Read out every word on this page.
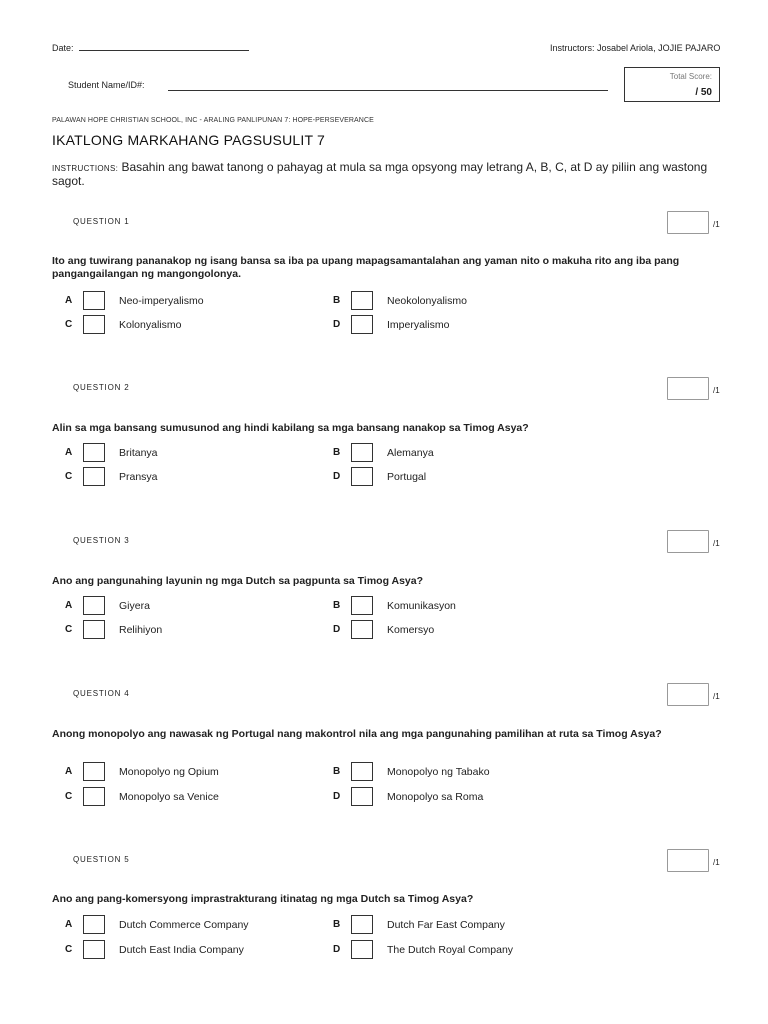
Date:	Instructors: Josabel Ariola, JOJIE PAJARO
Student Name/ID#:
Total Score:
/ 50
PALAWAN HOPE CHRISTIAN SCHOOL, INC - ARALING PANLIPUNAN 7: HOPE-PERSEVERANCE
IKATLONG MARKAHANG PAGSUSULIT 7
INSTRUCTIONS: Basahin ang bawat tanong o pahayag at mula sa mga opsyong may letrang A, B, C, at D ay piliin ang wastong sagot.
QUESTION 1	/1
Ito ang tuwirang pananakop ng isang bansa sa iba pa upang mapagsamantalahan ang yaman nito o makuha rito ang iba pang pangangailangan ng mangongolonya.
A	Neo-imperyalismo	B	Neokolonyalismo
C	Kolonyalismo	D	Imperyalismo
QUESTION 2	/1
Alin sa mga bansang sumusunod ang hindi kabilang sa mga bansang nanakop sa Timog Asya?
A	Britanya	B	Alemanya
C	Pransya	D	Portugal
QUESTION 3	/1
Ano ang pangunahing layunin ng mga Dutch sa pagpunta sa Timog Asya?
A	Giyera	B	Komunikasyon
C	Relihiyon	D	Komersyo
QUESTION 4	/1
Anong monopolyo ang nawasak ng Portugal nang makontrol nila ang mga pangunahing pamilihan at ruta sa Timog Asya?
A	Monopolyo ng Opium	B	Monopolyo ng Tabako
C	Monopolyo sa Venice	D	Monopolyo sa Roma
QUESTION 5	/1
Ano ang pang-komersyong imprastrakturang itinatag ng mga Dutch sa Timog Asya?
A	Dutch Commerce Company	B	Dutch Far East Company
C	Dutch East India Company	D	The Dutch Royal Company
